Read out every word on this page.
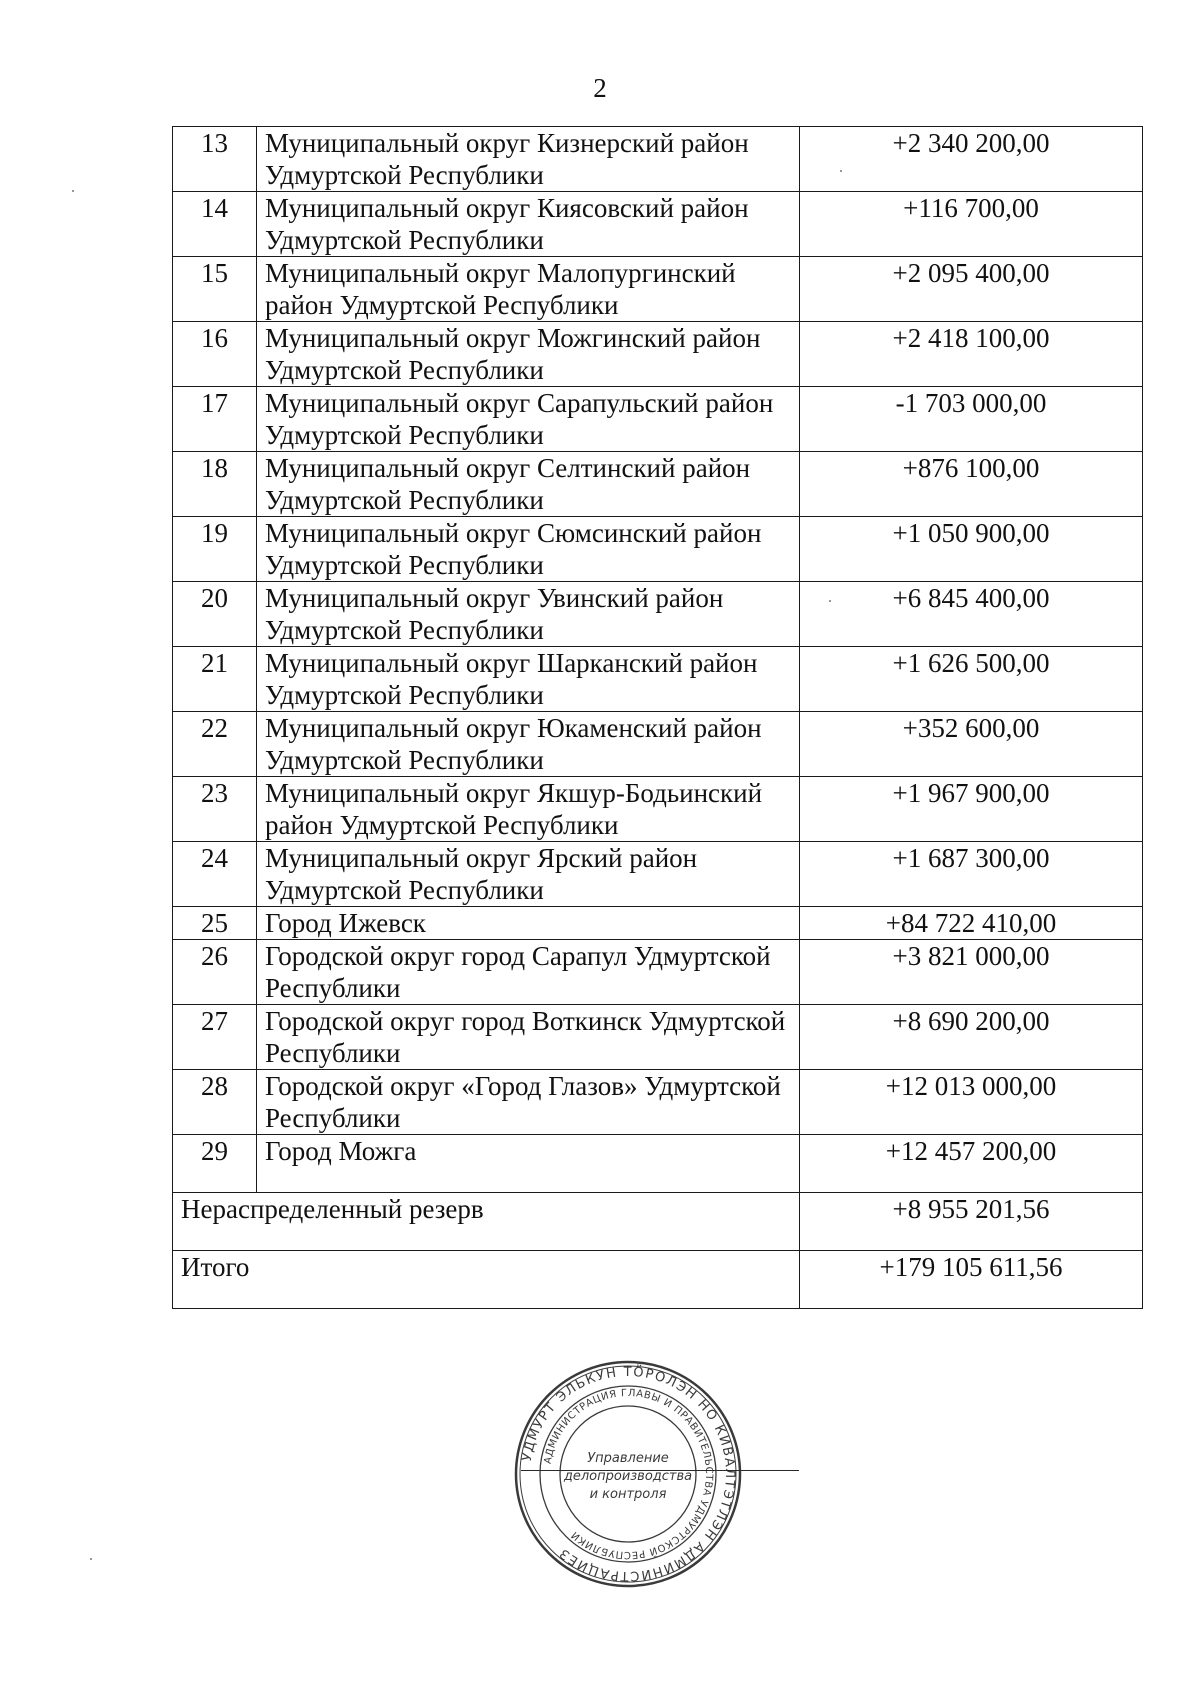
2
13	Муниципальный округ Кизнерский район Удмуртской Республики	+2 340 200,00
14	Муниципальный округ Киясовский район Удмуртской Республики	+116 700,00
15	Муниципальный округ Малопургинский район Удмуртской Республики	+2 095 400,00
16	Муниципальный округ Можгинский район Удмуртской Республики	+2 418 100,00
17	Муниципальный округ Сарапульский район Удмуртской Республики	-1 703 000,00
18	Муниципальный округ Селтинский район Удмуртской Республики	+876 100,00
19	Муниципальный округ Сюмсинский район Удмуртской Республики	+1 050 900,00
20	Муниципальный округ Увинский район Удмуртской Республики	+6 845 400,00
21	Муниципальный округ Шарканский район Удмуртской Республики	+1 626 500,00
22	Муниципальный округ Юкаменский район Удмуртской Республики	+352 600,00
23	Муниципальный округ Якшур-Бодьинский район Удмуртской Республики	+1 967 900,00
24	Муниципальный округ Ярский район Удмуртской Республики	+1 687 300,00
25	Город Ижевск	+84 722 410,00
26	Городской округ город Сарапул Удмуртской Республики	+3 821 000,00
27	Городской округ город Воткинск Удмуртской Республики	+8 690 200,00
28	Городской округ «Город Глазов» Удмуртской Республики	+12 013 000,00
29	Город Можга	+12 457 200,00
Нераспределенный резерв		+8 955 201,56
Итого		+179 105 611,56
УДМУРТ ЭЛЬКУН ТÖРОЛЭН НО КИВАЛТЭТЛЭН АДМИНИСТРАЦИЕЗ
АДМИНИСТРАЦИЯ ГЛАВЫ И ПРАВИТЕЛЬСТВА УДМУРТСКОЙ РЕСПУБЛИКИ
Управление
делопроизводства
и контроля
